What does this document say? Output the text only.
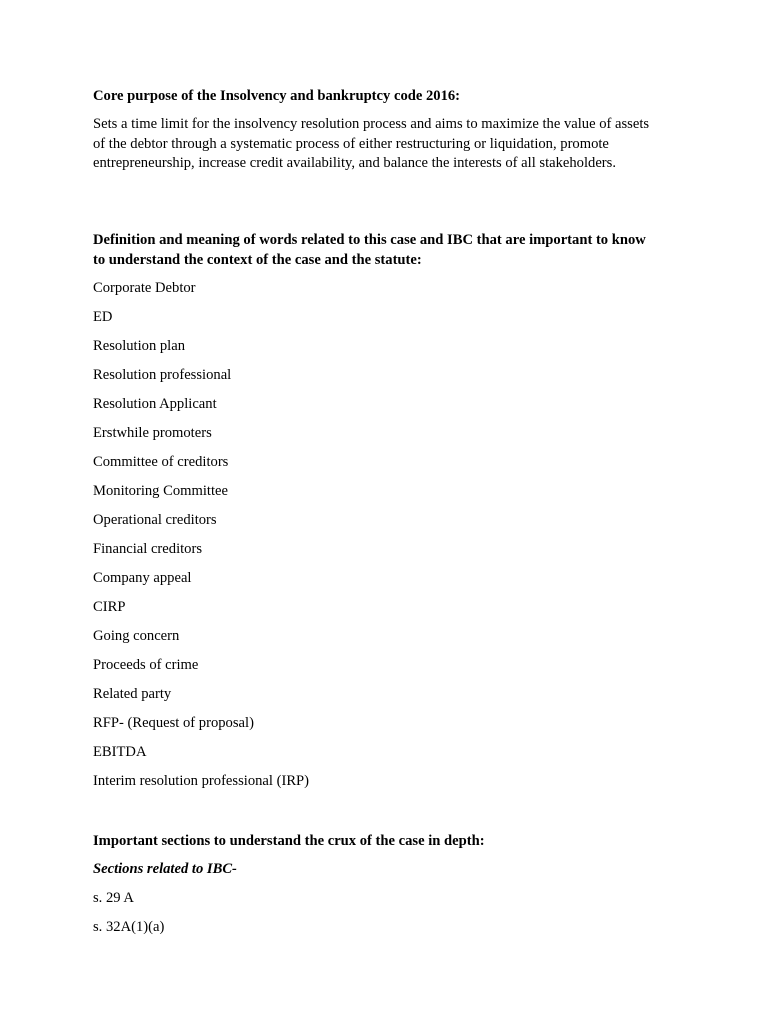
Core purpose of the Insolvency and bankruptcy code 2016:

Sets a time limit for the insolvency resolution process and aims to maximize the value of assets of the debtor through a systematic process of either restructuring or liquidation, promote entrepreneurship, increase credit availability, and balance the interests of all stakeholders.

Definition and meaning of words related to this case and IBC that are important to know to understand the context of the case and the statute:

Corporate Debtor

ED

Resolution plan

Resolution professional

Resolution Applicant

Erstwhile promoters

Committee of creditors

Monitoring Committee

Operational creditors

Financial creditors

Company appeal

CIRP

Going concern

Proceeds of crime

Related party

RFP- (Request of proposal)

EBITDA

Interim resolution professional (IRP)

Important sections to understand the crux of the case in depth:

Sections related to IBC-

s. 29 A

s. 32A(1)(a)
